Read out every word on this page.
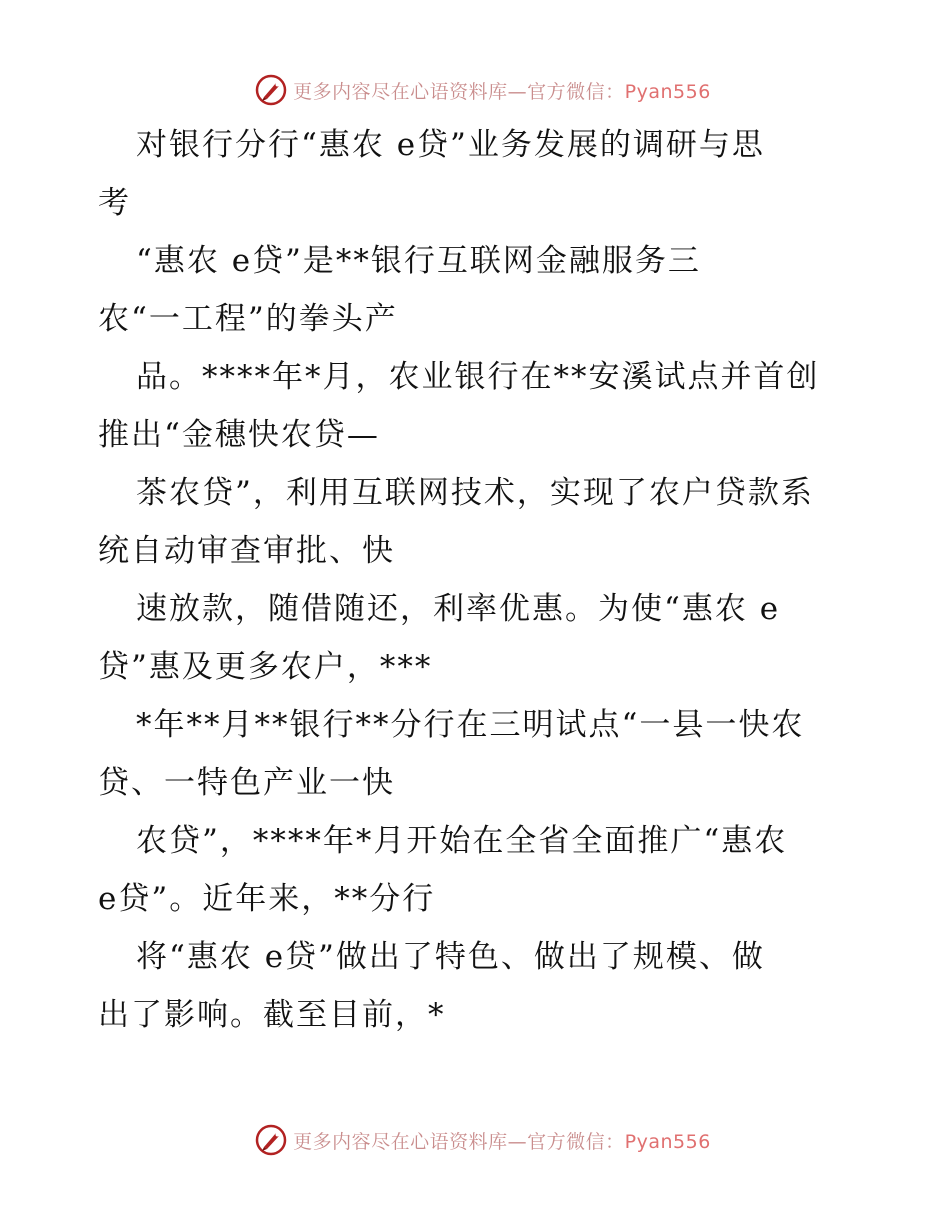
更多内容尽在心语资料库—官方微信：Pyan556
对银行分行“惠农 e贷”业务发展的调研与思
考
“惠农 e贷”是**银行互联网金融服务三
农“一工程”的拳头产
品。****年*月，农业银行在**安溪试点并首创
推出“金穗快农贷—
茶农贷”，利用互联网技术，实现了农户贷款系
统自动审查审批、快
速放款，随借随还，利率优惠。为使“惠农 e
贷”惠及更多农户，***
*年**月**银行**分行在三明试点“一县一快农
贷、一特色产业一快
农贷”，****年*月开始在全省全面推广“惠农
e贷”。近年来，**分行
将“惠农 e贷”做出了特色、做出了规模、做
出了影响。截至目前，*
更多内容尽在心语资料库—官方微信：Pyan556
